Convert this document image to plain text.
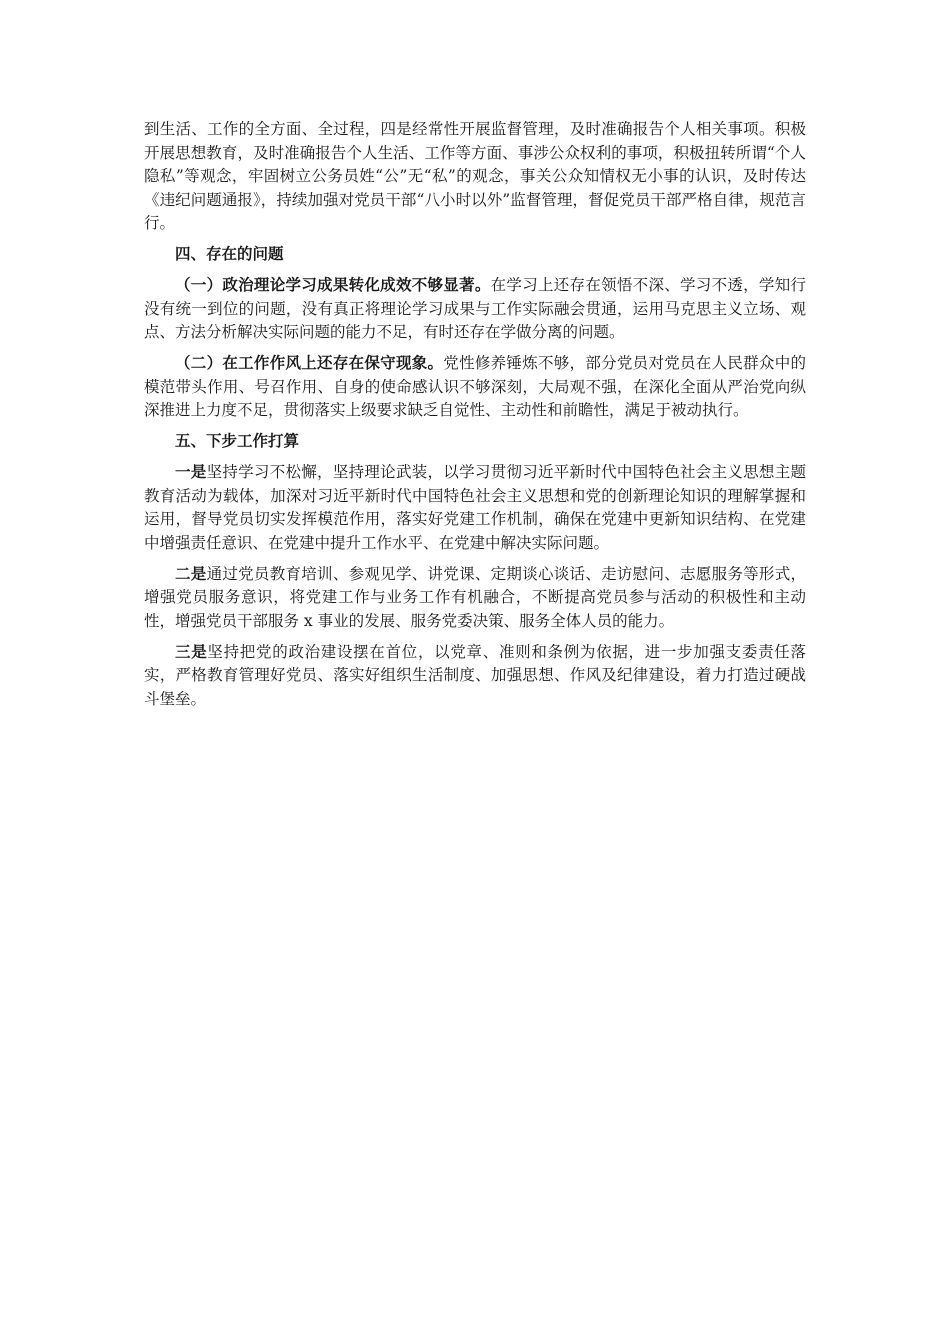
到生活、工作的全方面、全过程，四是经常性开展监督管理，及时准确报告个人相关事项。积极开展思想教育，及时准确报告个人生活、工作等方面、事涉公众权利的事项，积极扭转所谓“个人隐私”等观念，牢固树立公务员姓“公”无“私”的观念，事关公众知情权无小事的认识，及时传达《违纪问题通报》，持续加强对党员干部“八小时以外”监督管理，督促党员干部严格自律，规范言行。

四、存在的问题

（一）政治理论学习成果转化成效不够显著。在学习上还存在领悟不深、学习不透，学知行没有统一到位的问题，没有真正将理论学习成果与工作实际融会贯通，运用马克思主义立场、观点、方法分析解决实际问题的能力不足，有时还存在学做分离的问题。

（二）在工作作风上还存在保守现象。党性修养锤炼不够，部分党员对党员在人民群众中的模范带头作用、号召作用、自身的使命感认识不够深刻，大局观不强，在深化全面从严治党向纵深推进上力度不足，贯彻落实上级要求缺乏自觉性、主动性和前瞻性，满足于被动执行。

五、下步工作打算

一是坚持学习不松懈，坚持理论武装，以学习贯彻习近平新时代中国特色社会主义思想主题教育活动为载体，加深对习近平新时代中国特色社会主义思想和党的创新理论知识的理解掌握和运用，督导党员切实发挥模范作用，落实好党建工作机制，确保在党建中更新知识结构、在党建中增强责任意识、在党建中提升工作水平、在党建中解决实际问题。

二是通过党员教育培训、参观见学、讲党课、定期谈心谈话、走访慰问、志愿服务等形式，增强党员服务意识，将党建工作与业务工作有机融合，不断提高党员参与活动的积极性和主动性，增强党员干部服务 x 事业的发展、服务党委决策、服务全体人员的能力。

三是坚持把党的政治建设摆在首位，以党章、准则和条例为依据，进一步加强支委责任落实，严格教育管理好党员、落实好组织生活制度、加强思想、作风及纪律建设，着力打造过硬战斗堡垒。
